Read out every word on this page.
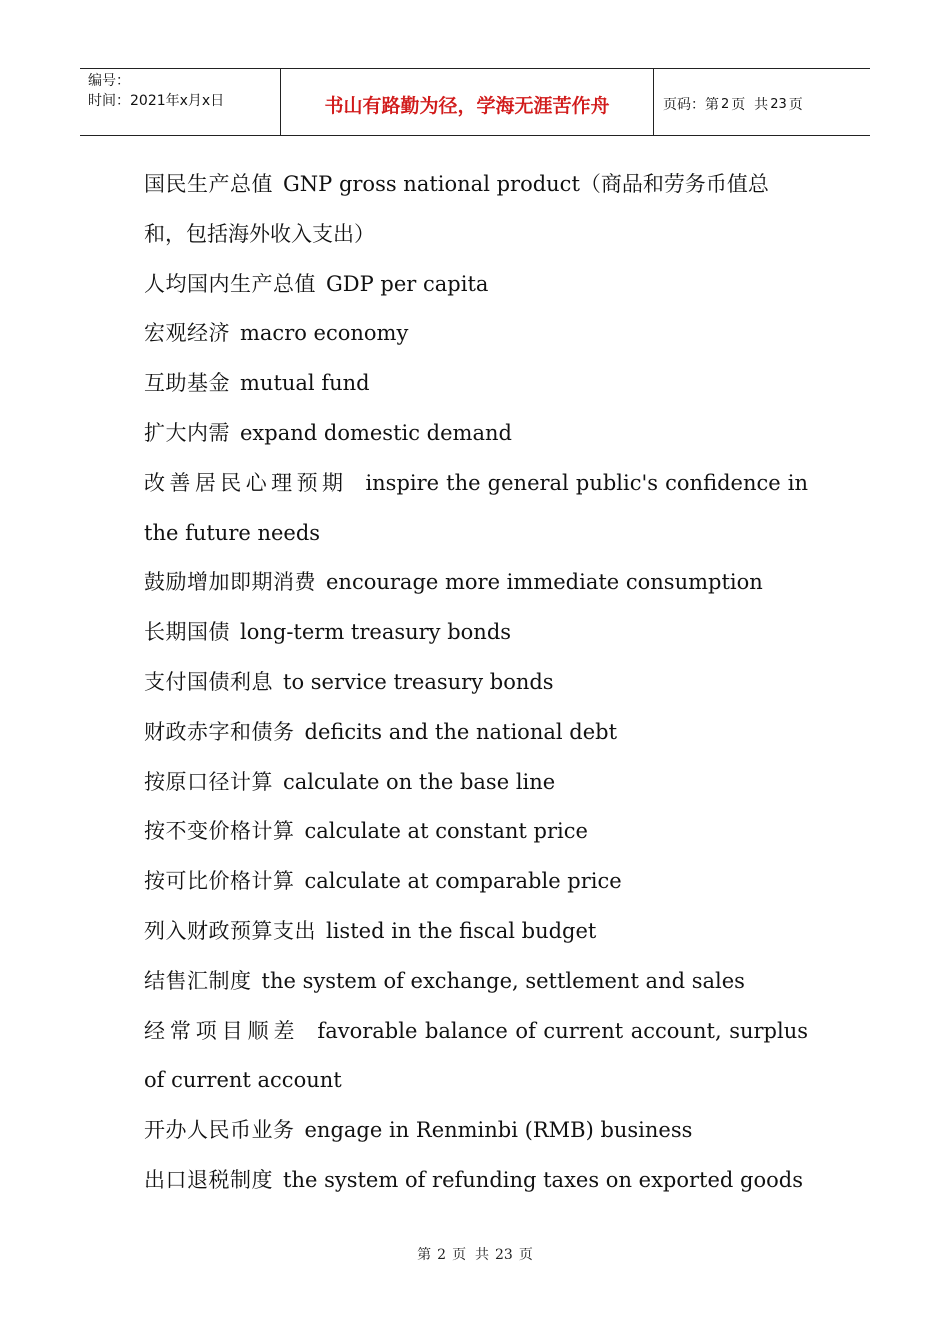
编号：
时间：2021年x月x日	书山有路勤为径，学海无涯苦作舟	页码：第 2 页  共 23 页
国民生产总值 GNP gross national product（商品和劳务币值总和，包括海外收入支出）
人均国内生产总值 GDP per capita
宏观经济 macro economy
互助基金 mutual fund
扩大内需 expand domestic demand
改善居民心理预期 inspire the general public's confidence in the future needs
鼓励增加即期消费 encourage more immediate consumption
长期国债 long-term treasury bonds
支付国债利息 to service treasury bonds
财政赤字和债务 deficits and the national debt
按原口径计算 calculate on the base line
按不变价格计算 calculate at constant price
按可比价格计算 calculate at comparable price
列入财政预算支出 listed in the fiscal budget
结售汇制度 the system of exchange, settlement and sales
经常项目顺差 favorable balance of current account, surplus of current account
开办人民币业务 engage in Renminbi (RMB) business
出口退税制度 the system of refunding taxes on exported goods
第 2 页  共 23 页
